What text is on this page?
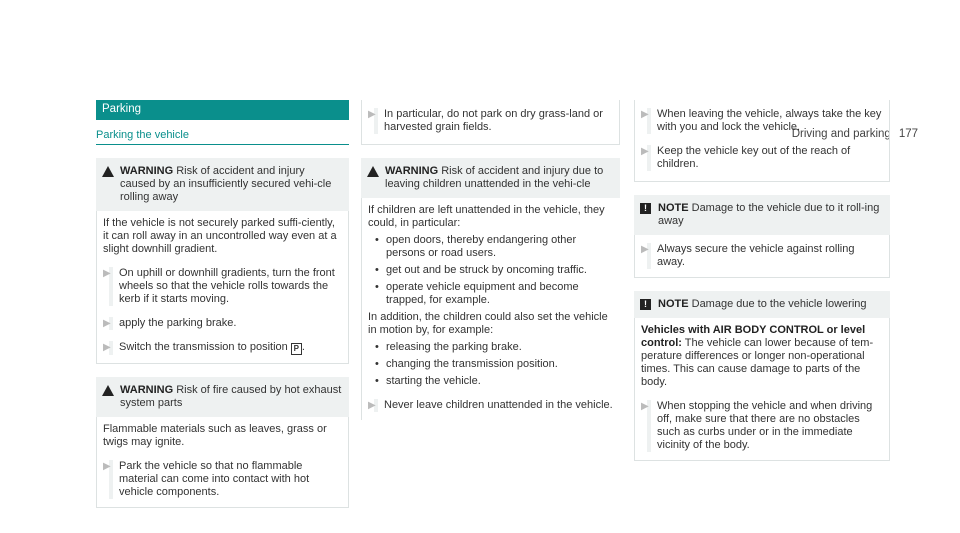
Driving and parking 177
Parking
Parking the vehicle
WARNING Risk of accident and injury caused by an insufficiently secured vehi-cle rolling away

If the vehicle is not securely parked suffi-ciently, it can roll away in an uncontrolled way even at a slight downhill gradient.

▶ On uphill or downhill gradients, turn the front wheels so that the vehicle rolls towards the kerb if it starts moving.
▶ apply the parking brake.
▶ Switch the transmission to position P .
WARNING Risk of fire caused by hot exhaust system parts

Flammable materials such as leaves, grass or twigs may ignite.

▶ Park the vehicle so that no flammable material can come into contact with hot vehicle components.
▶ In particular, do not park on dry grass-land or harvested grain fields.
WARNING Risk of accident and injury due to leaving children unattended in the vehi-cle

If children are left unattended in the vehicle, they could, in particular:

• open doors, thereby endangering other persons or road users.
• get out and be struck by oncoming traffic.
• operate vehicle equipment and become trapped, for example.

In addition, the children could also set the vehicle in motion by, for example:

• releasing the parking brake.
• changing the transmission position.
• starting the vehicle.
▶ Never leave children unattended in the vehicle.
▶ When leaving the vehicle, always take the key with you and lock the vehicle.
▶ Keep the vehicle key out of the reach of children.
!	NOTE Damage to the vehicle due to it roll-ing away
▶ Always secure the vehicle against rolling away.
!	NOTE Damage due to the vehicle lowering

Vehicles with AIR BODY CONTROL or level control: The vehicle can lower because of tem-perature differences or longer non-operational times. This can cause damage to parts of the body.

▶ When stopping the vehicle and when driving off, make sure that there are no obstacles such as curbs under or in the immediate vicinity of the body.
